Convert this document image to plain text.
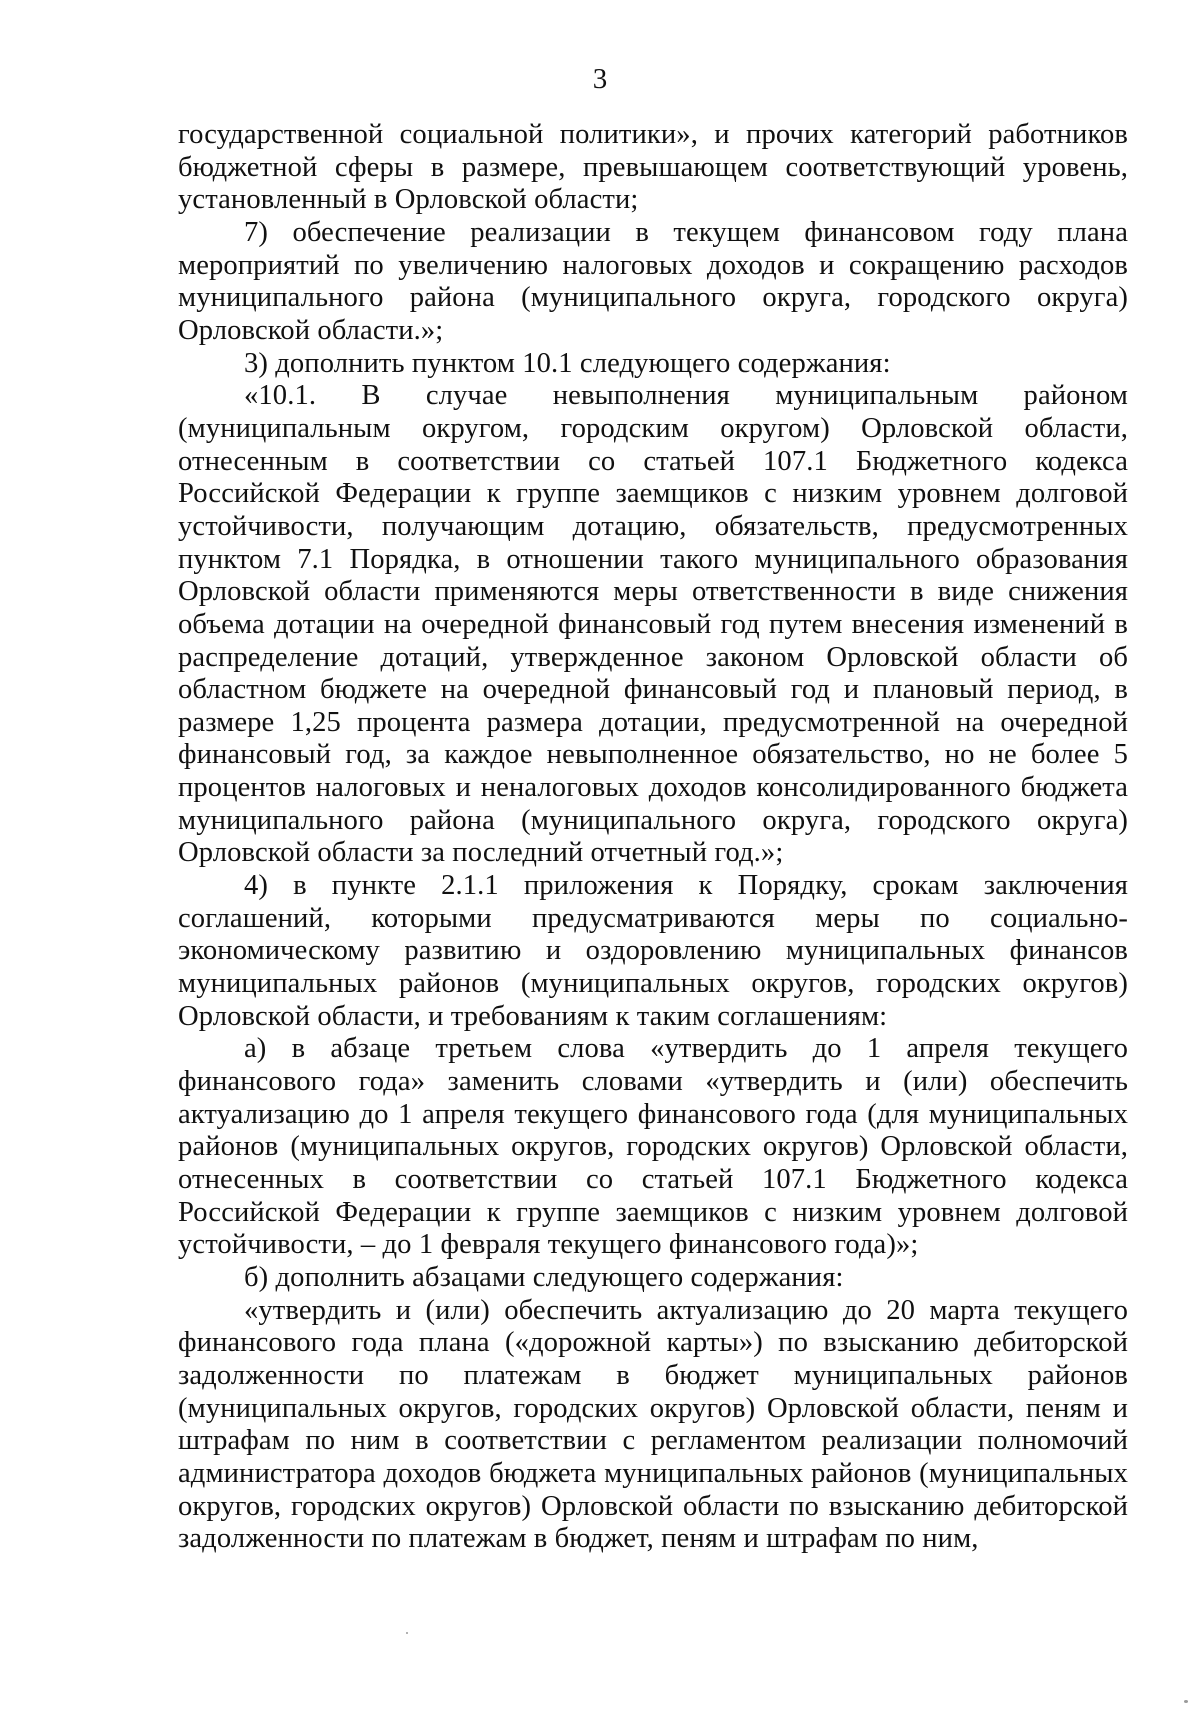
3

государственной социальной политики», и прочих категорий работников бюджетной сферы в размере, превышающем соответствующий уровень, установленный в Орловской области;

7) обеспечение реализации в текущем финансовом году плана мероприятий по увеличению налоговых доходов и сокращению расходов муниципального района (муниципального округа, городского округа) Орловской области.»;

3) дополнить пунктом 10.1 следующего содержания:

«10.1. В случае невыполнения муниципальным районом (муниципальным округом, городским округом) Орловской области, отнесенным в соответствии со статьей 107.1 Бюджетного кодекса Российской Федерации к группе заемщиков с низким уровнем долговой устойчивости, получающим дотацию, обязательств, предусмотренных пунктом 7.1 Порядка, в отношении такого муниципального образования Орловской области применяются меры ответственности в виде снижения объема дотации на очередной финансовый год путем внесения изменений в распределение дотаций, утвержденное законом Орловской области об областном бюджете на очередной финансовый год и плановый период, в размере 1,25 процента размера дотации, предусмотренной на очередной финансовый год, за каждое невыполненное обязательство, но не более 5 процентов налоговых и неналоговых доходов консолидированного бюджета муниципального района (муниципального округа, городского округа) Орловской области за последний отчетный год.»;

4) в пункте 2.1.1 приложения к Порядку, срокам заключения соглашений, которыми предусматриваются меры по социально-экономическому развитию и оздоровлению муниципальных финансов муниципальных районов (муниципальных округов, городских округов) Орловской области, и требованиям к таким соглашениям:

а) в абзаце третьем слова «утвердить до 1 апреля текущего финансового года» заменить словами «утвердить и (или) обеспечить актуализацию до 1 апреля текущего финансового года (для муниципальных районов (муниципальных округов, городских округов) Орловской области, отнесенных в соответствии со статьей 107.1 Бюджетного кодекса Российской Федерации к группе заемщиков с низким уровнем долговой устойчивости, – до 1 февраля текущего финансового года)»;

б) дополнить абзацами следующего содержания:

«утвердить и (или) обеспечить актуализацию до 20 марта текущего финансового года плана («дорожной карты») по взысканию дебиторской задолженности по платежам в бюджет муниципальных районов (муниципальных округов, городских округов) Орловской области, пеням и штрафам по ним в соответствии с регламентом реализации полномочий администратора доходов бюджета муниципальных районов (муниципальных округов, городских округов) Орловской области по взысканию дебиторской задолженности по платежам в бюджет, пеням и штрафам по ним,
